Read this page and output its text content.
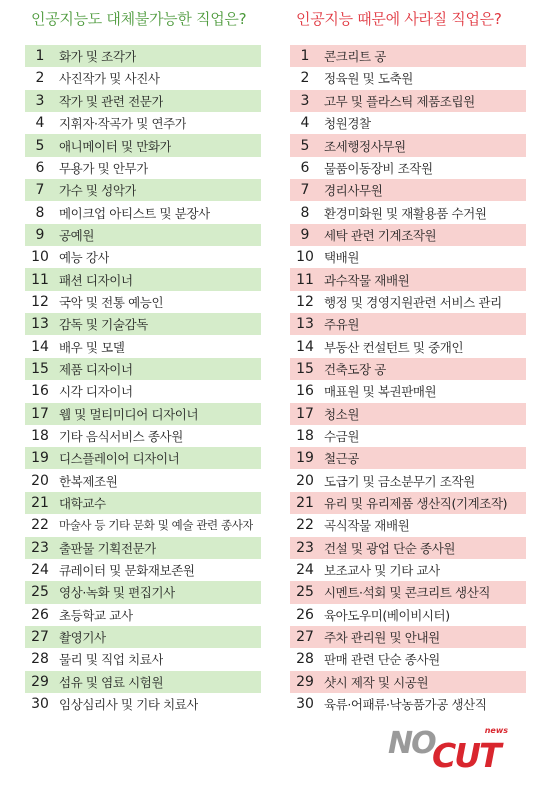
인공지능도 대체불가능한 직업은?
1	화가 및 조각가
2	사진작가 및 사진사
3	작가 및 관련 전문가
4	지휘자·작곡가 및 연주가
5	애니메이터 및 만화가
6	무용가 및 안무가
7	가수 및 성악가
8	메이크업 아티스트 및 분장사
9	공예원
10 예능 강사
11 패션 디자이너
12 국악 및 전통 예능인
13 감독 및 기술감독
14 배우 및 모델
15 제품 디자이너
16 시각 디자이너
17 웹 및 멀티미디어 디자이너
18 기타 음식서비스 종사원
19 디스플레이어 디자이너
20 한복제조원
21 대학교수
22 마술사 등 기타 문화 및 예술 관련 종사자
23 출판물 기획전문가
24 큐레이터 및 문화재보존원
25 영상·녹화 및 편집기사
26 초등학교 교사
27 촬영기사
28 물리 및 직업 치료사
29 섬유 및 염료 시험원
30 임상심리사 및 기타 치료사
인공지능 때문에 사라질 직업은?
1	콘크리트 공
2	정육원 및 도축원
3	고무 및 플라스틱 제품조립원
4	청원경찰
5	조세행정사무원
6	물품이동장비 조작원
7	경리사무원
8	환경미화원 및 재활용품 수거원
9	세탁 관련 기계조작원
10 택배원
11 과수작물 재배원
12 행정 및 경영지원관련 서비스 관리
13 주유원
14 부동산 컨설턴트 및 중개인
15 건축도장 공
16 매표원 및 복권판매원
17 청소원
18 수금원
19 철근공
20 도급기 및 금소분무기 조작원
21 유리 및 유리제품 생산직(기계조작)
22 곡식작물 재배원
23 건설 및 광업 단순 종사원
24 보조교사 및 기타 교사
25 시멘트·석회 및 콘크리트 생산직
26 육아도우미(베이비시터)
27 주차 관리원 및 안내원
28 판매 관련 단순 종사원
29 샷시 제작 및 시공원
30 육류·어패류·낙농품가공 생산직
NO
CUT
news
